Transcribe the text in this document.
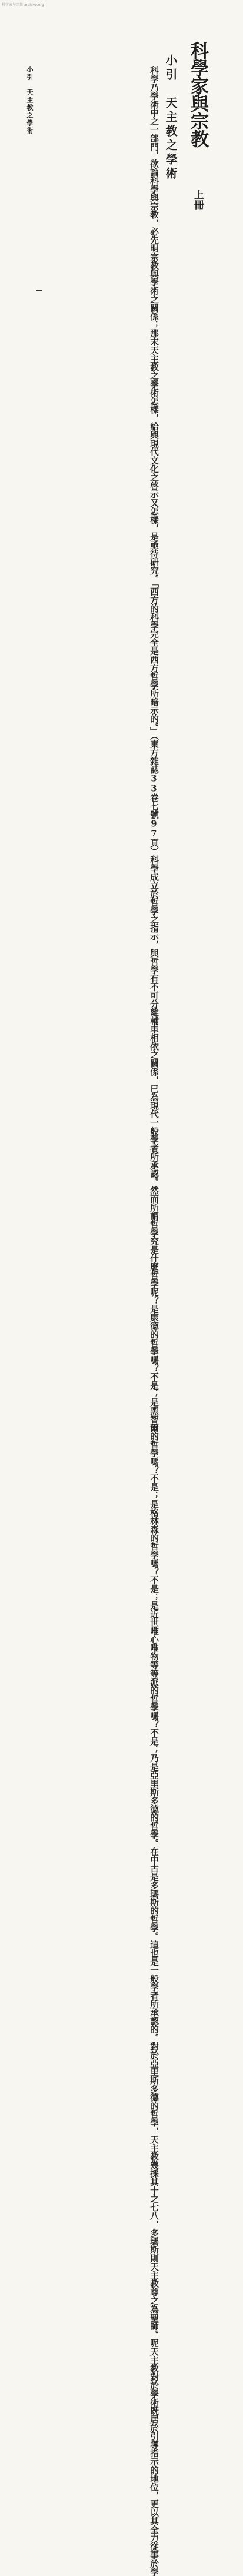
科学家与宗教 archive.org
科學家與宗教
上冊
小引　天主教之學術

　科學乃學術中之一部門，欲論科學與宗教，必先明宗教與學術之關係；那末天主教之學術怎樣，給與現代文化之啓示又怎樣，是亟待研究。「西方的科學完全是西方哲學所暗示的。」（東方雜誌33卷七號97頁）科學成立於哲學之指示，與哲學有不可分離輔車相依之關係，已為現代一般學者所承認。然而所謂哲學究是什麽哲學呢？是康德的哲學嗎？不是；是黑智爾的哲學嗎？不是；是格林森的哲學嗎？不是；是近世唯心唯物等等派的哲學嗎？不是；乃是亞里斯多德的哲學。在中古是多瑪斯的哲學。這也是一般學者所承認的。對於亞里斯多德的哲學，天主教幾採其十之七八，多瑪斯則天主教尊之為聖師。呢天主教對於學術既居於引導指示的地位，更以其全力從事於學

小引　天主教之學術
